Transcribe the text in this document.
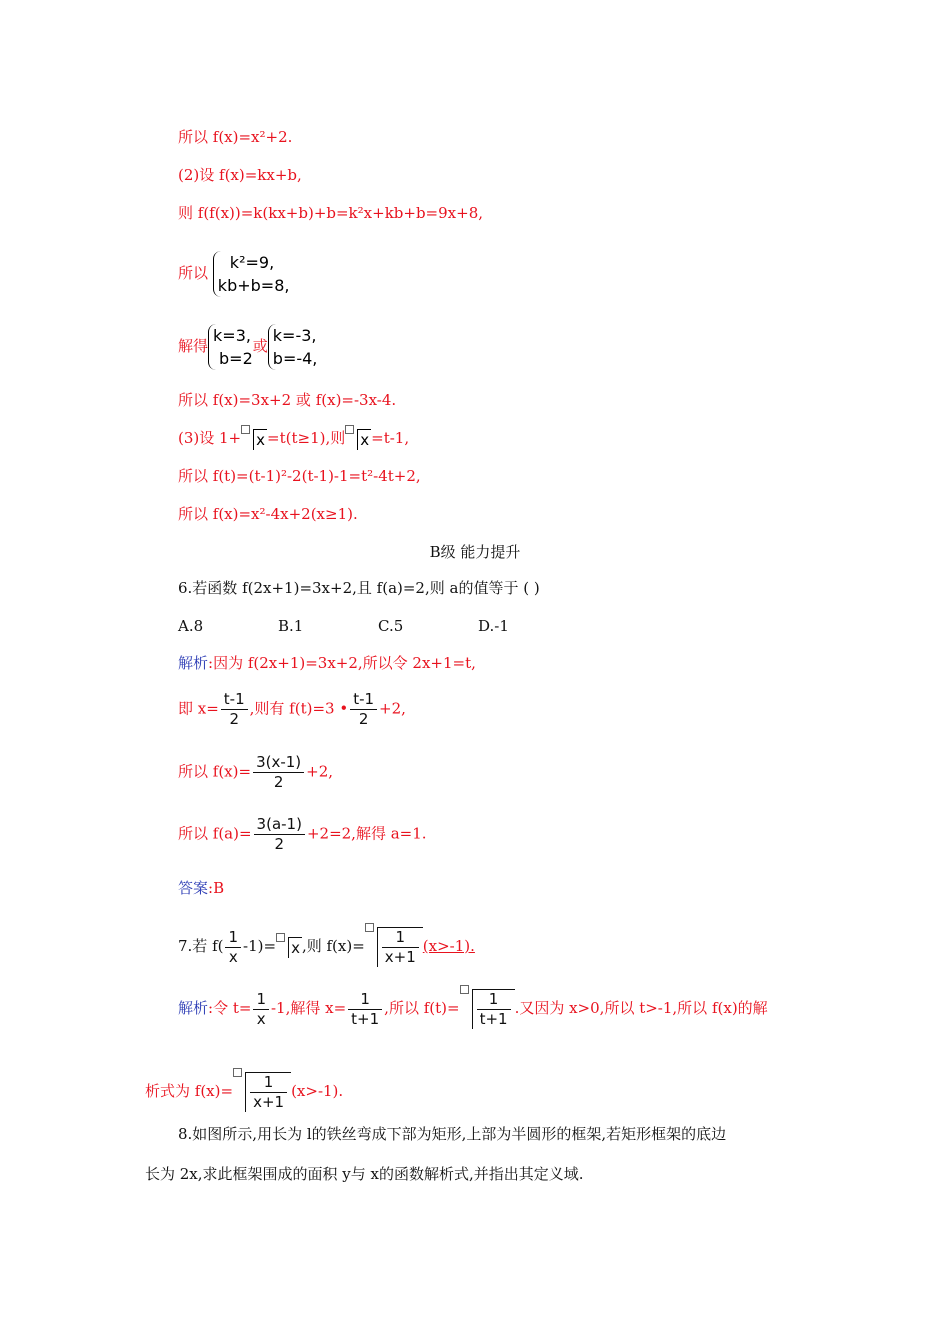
所以 f(x)=x²+2.
(2)设 f(x)=kx+b,
则 f(f(x))=k(kx+b)+b=k²x+kb+b=9x+8,
所以
k²=9,
kb+b=8,
解得
k=3,
b=2
或
k=-3,
b=-4,
所以 f(x)=3x+2 或 f(x)=-3x-4.
(3)设 1+ x =t(t≥1),则 x =t-1,
所以 f(t)=(t-1)²-2(t-1)-1=t²-4t+2,
所以 f(x)=x²-4x+2(x≥1).
B级 能力提升
6.若函数 f(2x+1)=3x+2,且 f(a)=2,则 a的值等于 ( )
A.8	B.1	C.5	D.-1
解析:因为 f(2x+1)=3x+2,所以令 2x+1=t,
即 $x= \frac{t-1}{2}$ ,则有 f(t)=3 • $\frac{t-1}{2} +2$,
所以 $f(x)= \frac{3(x-1)}{2} +2$,
所以 $f(a)= \frac{3(a-1)}{2} +2=2$,解得 a=1.
答案:B
7.若 $f( \frac{1}{x} -1)= x$ ,则 $f(x)= \frac{1}{x+1} (x>-1)$.
解析:令 $t= \frac{1}{x} -1$,解得 $x= \frac{1}{t+1}$ ,所以 $f(t)= \frac{1}{t+1}$ .又因为 x>0,所以 t>-1,所以 f(x)的解
析式为 $f(x)= \frac{1}{x+1} (x>-1)$.
8.如图所示,用长为 l的铁丝弯成下部为矩形,上部为半圆形的框架,若矩形框架的底边
长为 2x,求此框架围成的面积 y与 x的函数解析式,并指出其定义域.
